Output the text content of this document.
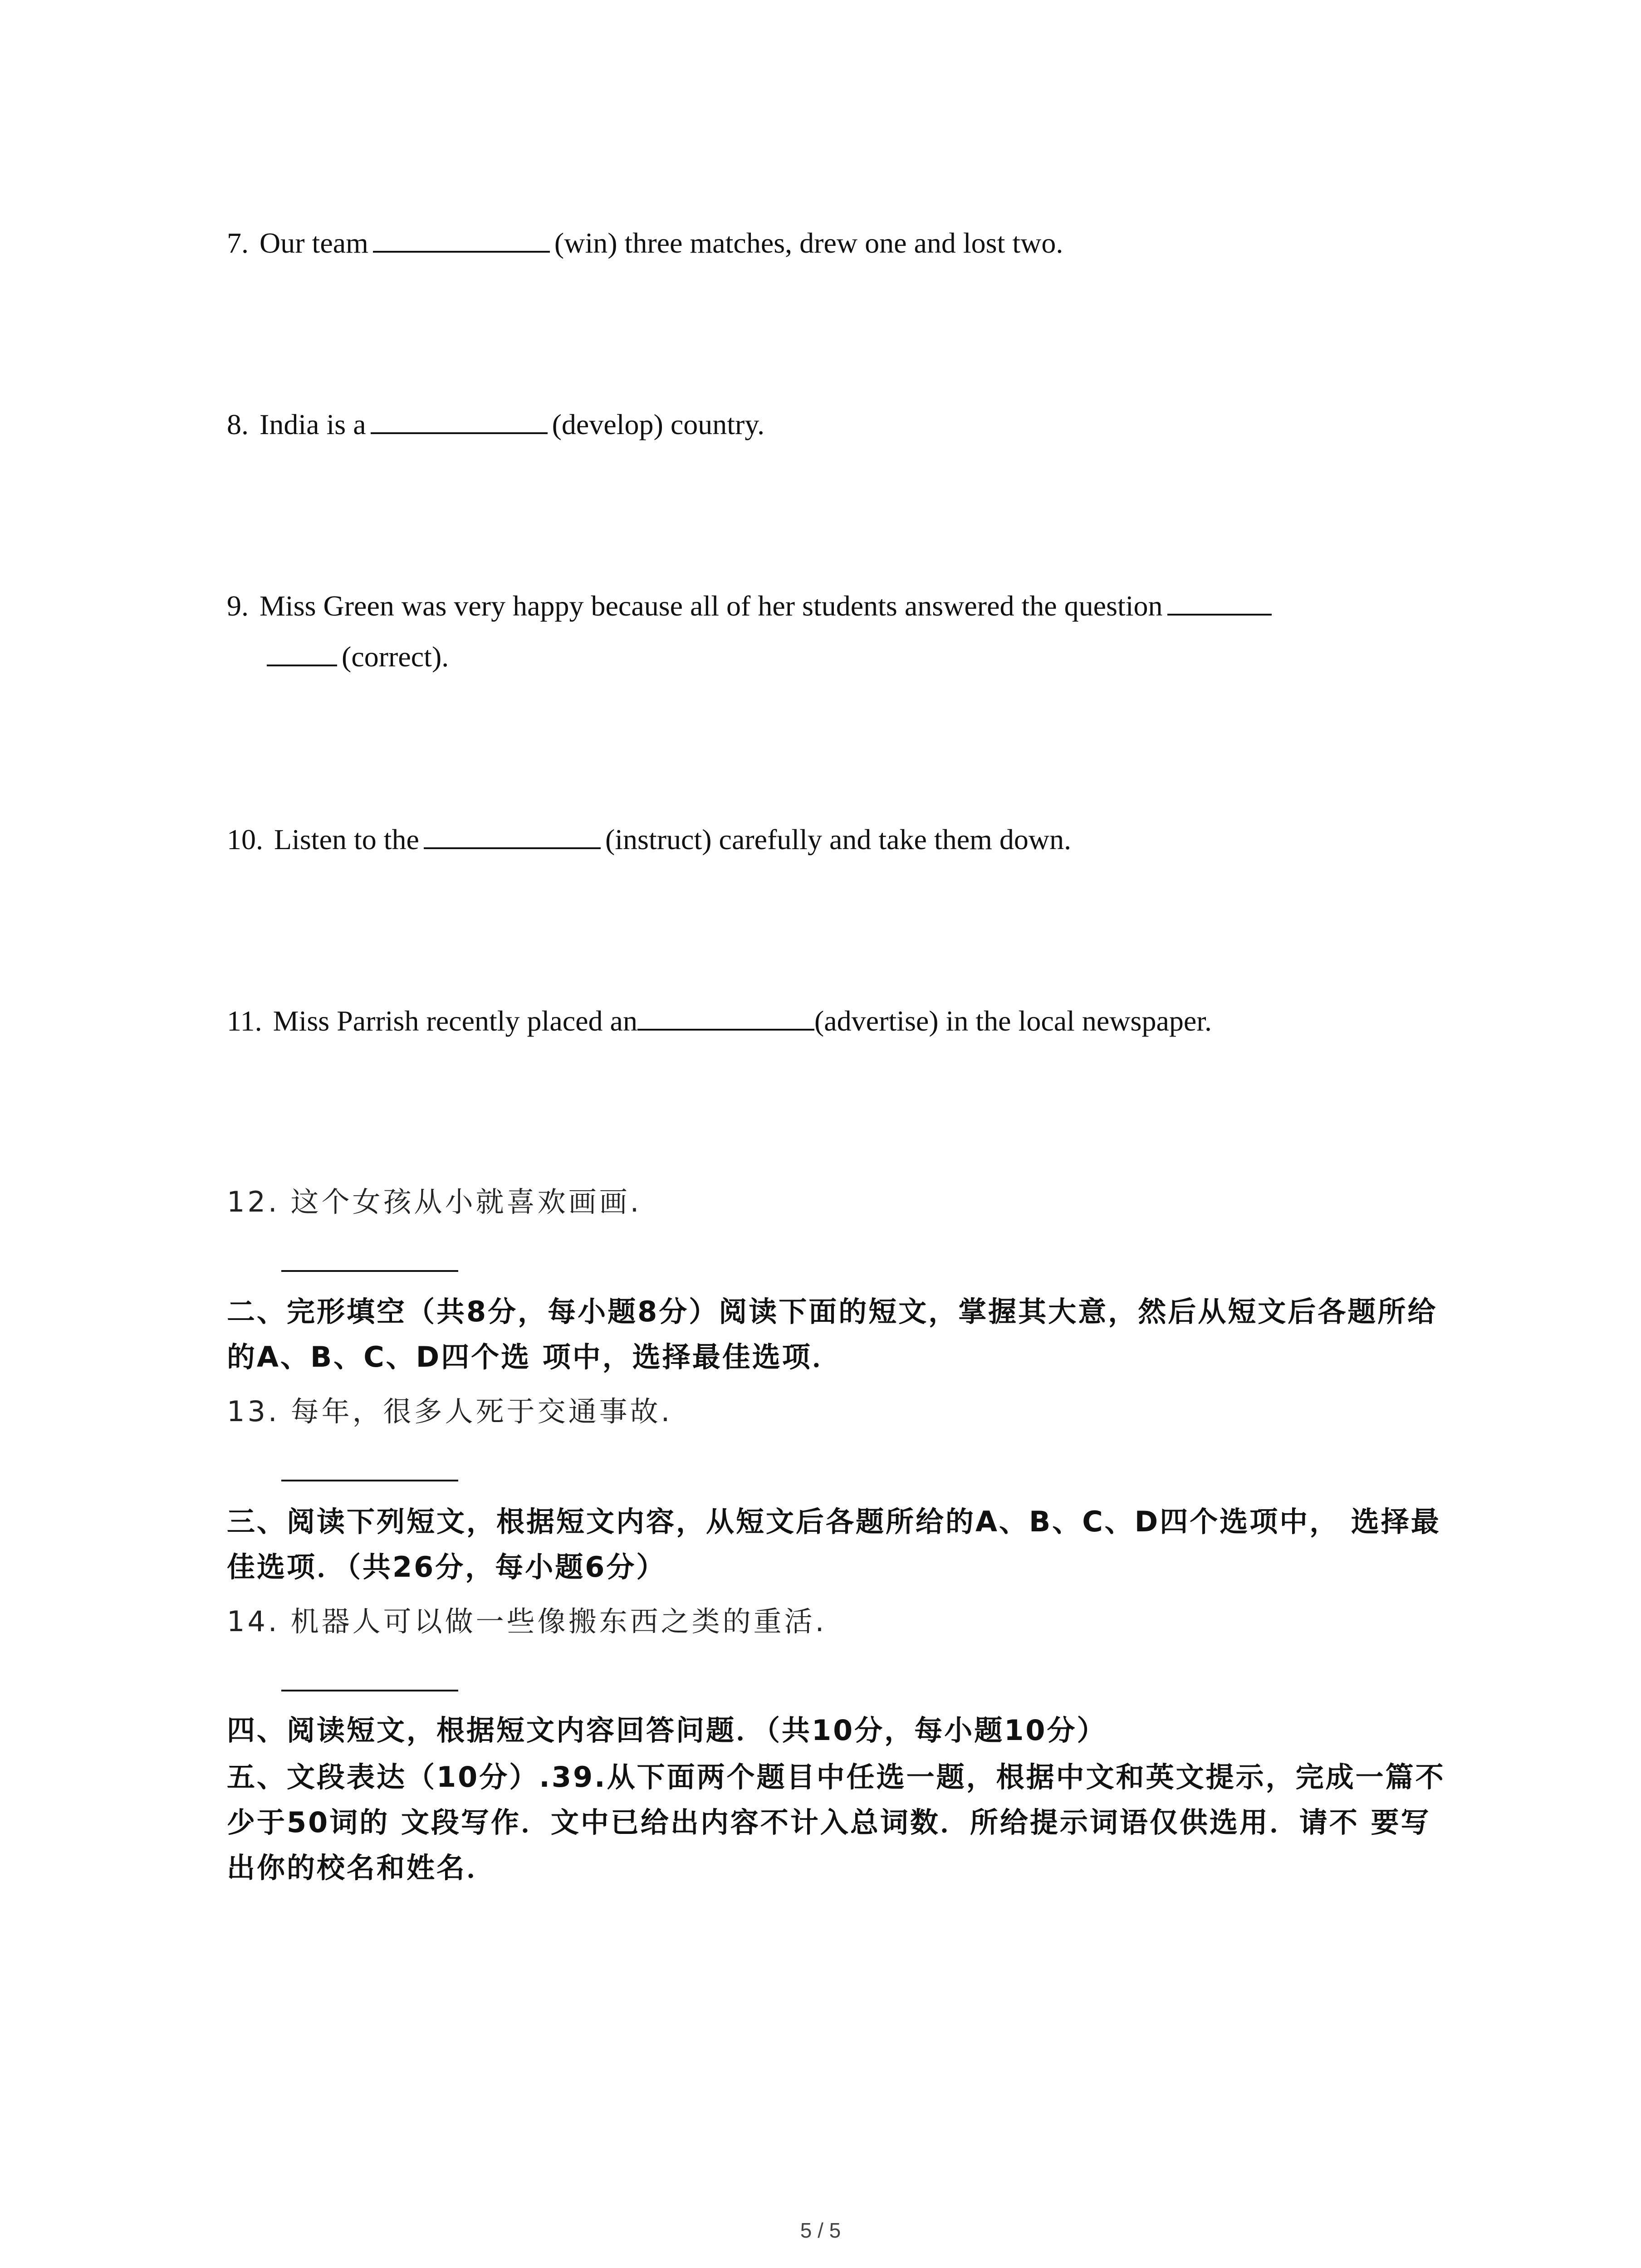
7. Our team	(win) three matches, drew one and lost two.
8. India is a	(develop) country.
9. Miss Green was very happy because all of her students answered the question
(correct).
10. Listen to the	(instruct) carefully and take them down.
11. Miss Parrish recently placed an	(advertise) in the local newspaper.
12. 这个女孩从小就喜欢画画.
二、完形填空（共8分，每小题8分）阅读下面的短文，掌握其大意，然后从短文后各题所给的A、B、C、D四个选 项中，选择最佳选项．
13. 每年，很多人死于交通事故.
三、阅读下列短文，根据短文内容，从短文后各题所给的A、B、C、D四个选项中， 选择最佳选项．（共26分，每小题6分）
14. 机器人可以做一些像搬东西之类的重活.
四、阅读短文，根据短文内容回答问题．（共10分，每小题10分）
五、文段表达（10分）.39.从下面两个题目中任选一题，根据中文和英文提示，完成一篇不少于50词的 文段写作．文中已给出内容不计入总词数．所给提示词语仅供选用．请不 要写出你的校名和姓名．
5 / 5
